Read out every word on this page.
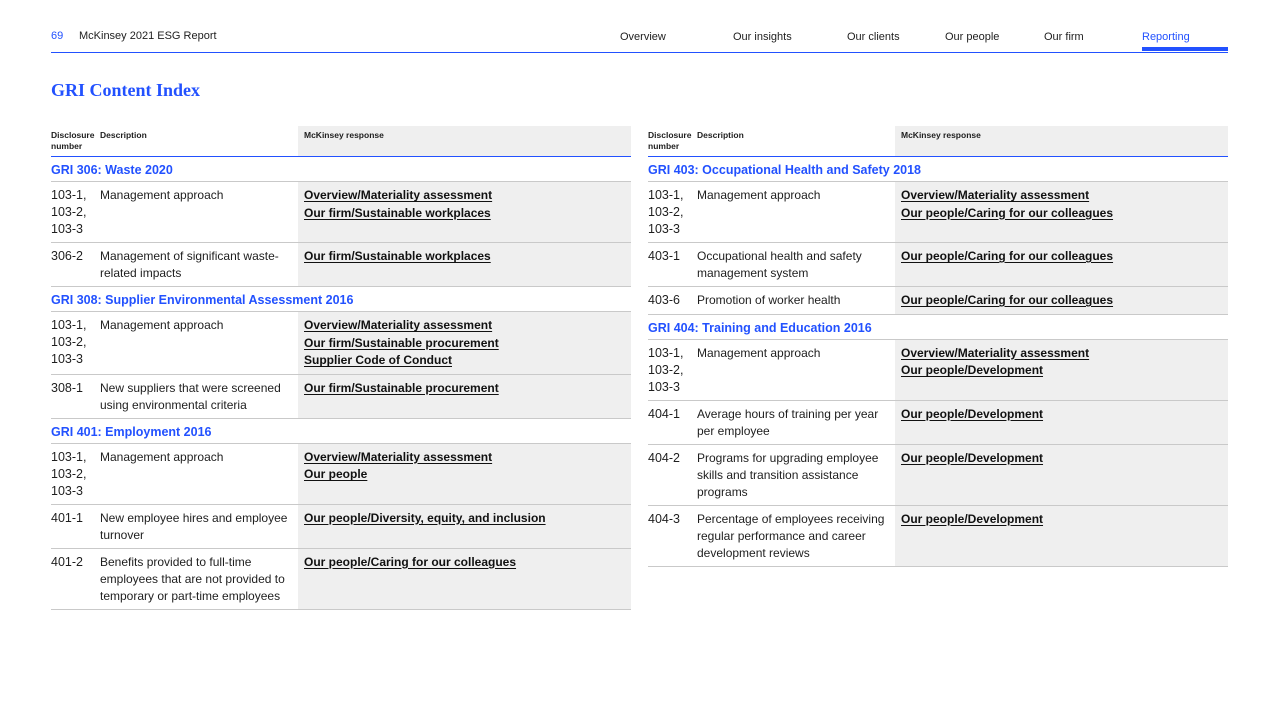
69 McKinsey 2021 ESG Report	Overview	Our insights	Our clients	Our people	Our firm	Reporting
GRI Content Index
Disclosure number	Description	McKinsey response
GRI 306: Waste 2020		
103-1, 103-2, 103-3	Management approach	Overview/Materiality assessment
Our firm/Sustainable workplaces

306-2	Management of significant waste-related impacts	Our firm/Sustainable workplaces

GRI 308: Supplier Environmental Assessment 2016		
103-1, 103-2, 103-3	Management approach	Overview/Materiality assessment
Our firm/Sustainable procurement
Supplier Code of Conduct

308-1	New suppliers that were screened using environmental criteria	Our firm/Sustainable procurement

GRI 401: Employment 2016		
103-1, 103-2, 103-3	Management approach	Overview/Materiality assessment
Our people

401-1	New employee hires and employee turnover	Our people/Diversity, equity, and inclusion

401-2	Benefits provided to full-time employees that are not provided to temporary or part-time employees	Our people/Caring for our colleagues
Disclosure number	Description	McKinsey response
GRI 403: Occupational Health and Safety 2018		
103-1, 103-2, 103-3	Management approach	Overview/Materiality assessment
Our people/Caring for our colleagues

403-1	Occupational health and safety management system	Our people/Caring for our colleagues

403-6	Promotion of worker health	Our people/Caring for our colleagues

GRI 404: Training and Education 2016		
103-1, 103-2, 103-3	Management approach	Overview/Materiality assessment
Our people/Development

404-1	Average hours of training per year per employee	Our people/Development

404-2	Programs for upgrading employee skills and transition assistance programs	Our people/Development

404-3	Percentage of employees receiving regular performance and career development reviews	Our people/Development
